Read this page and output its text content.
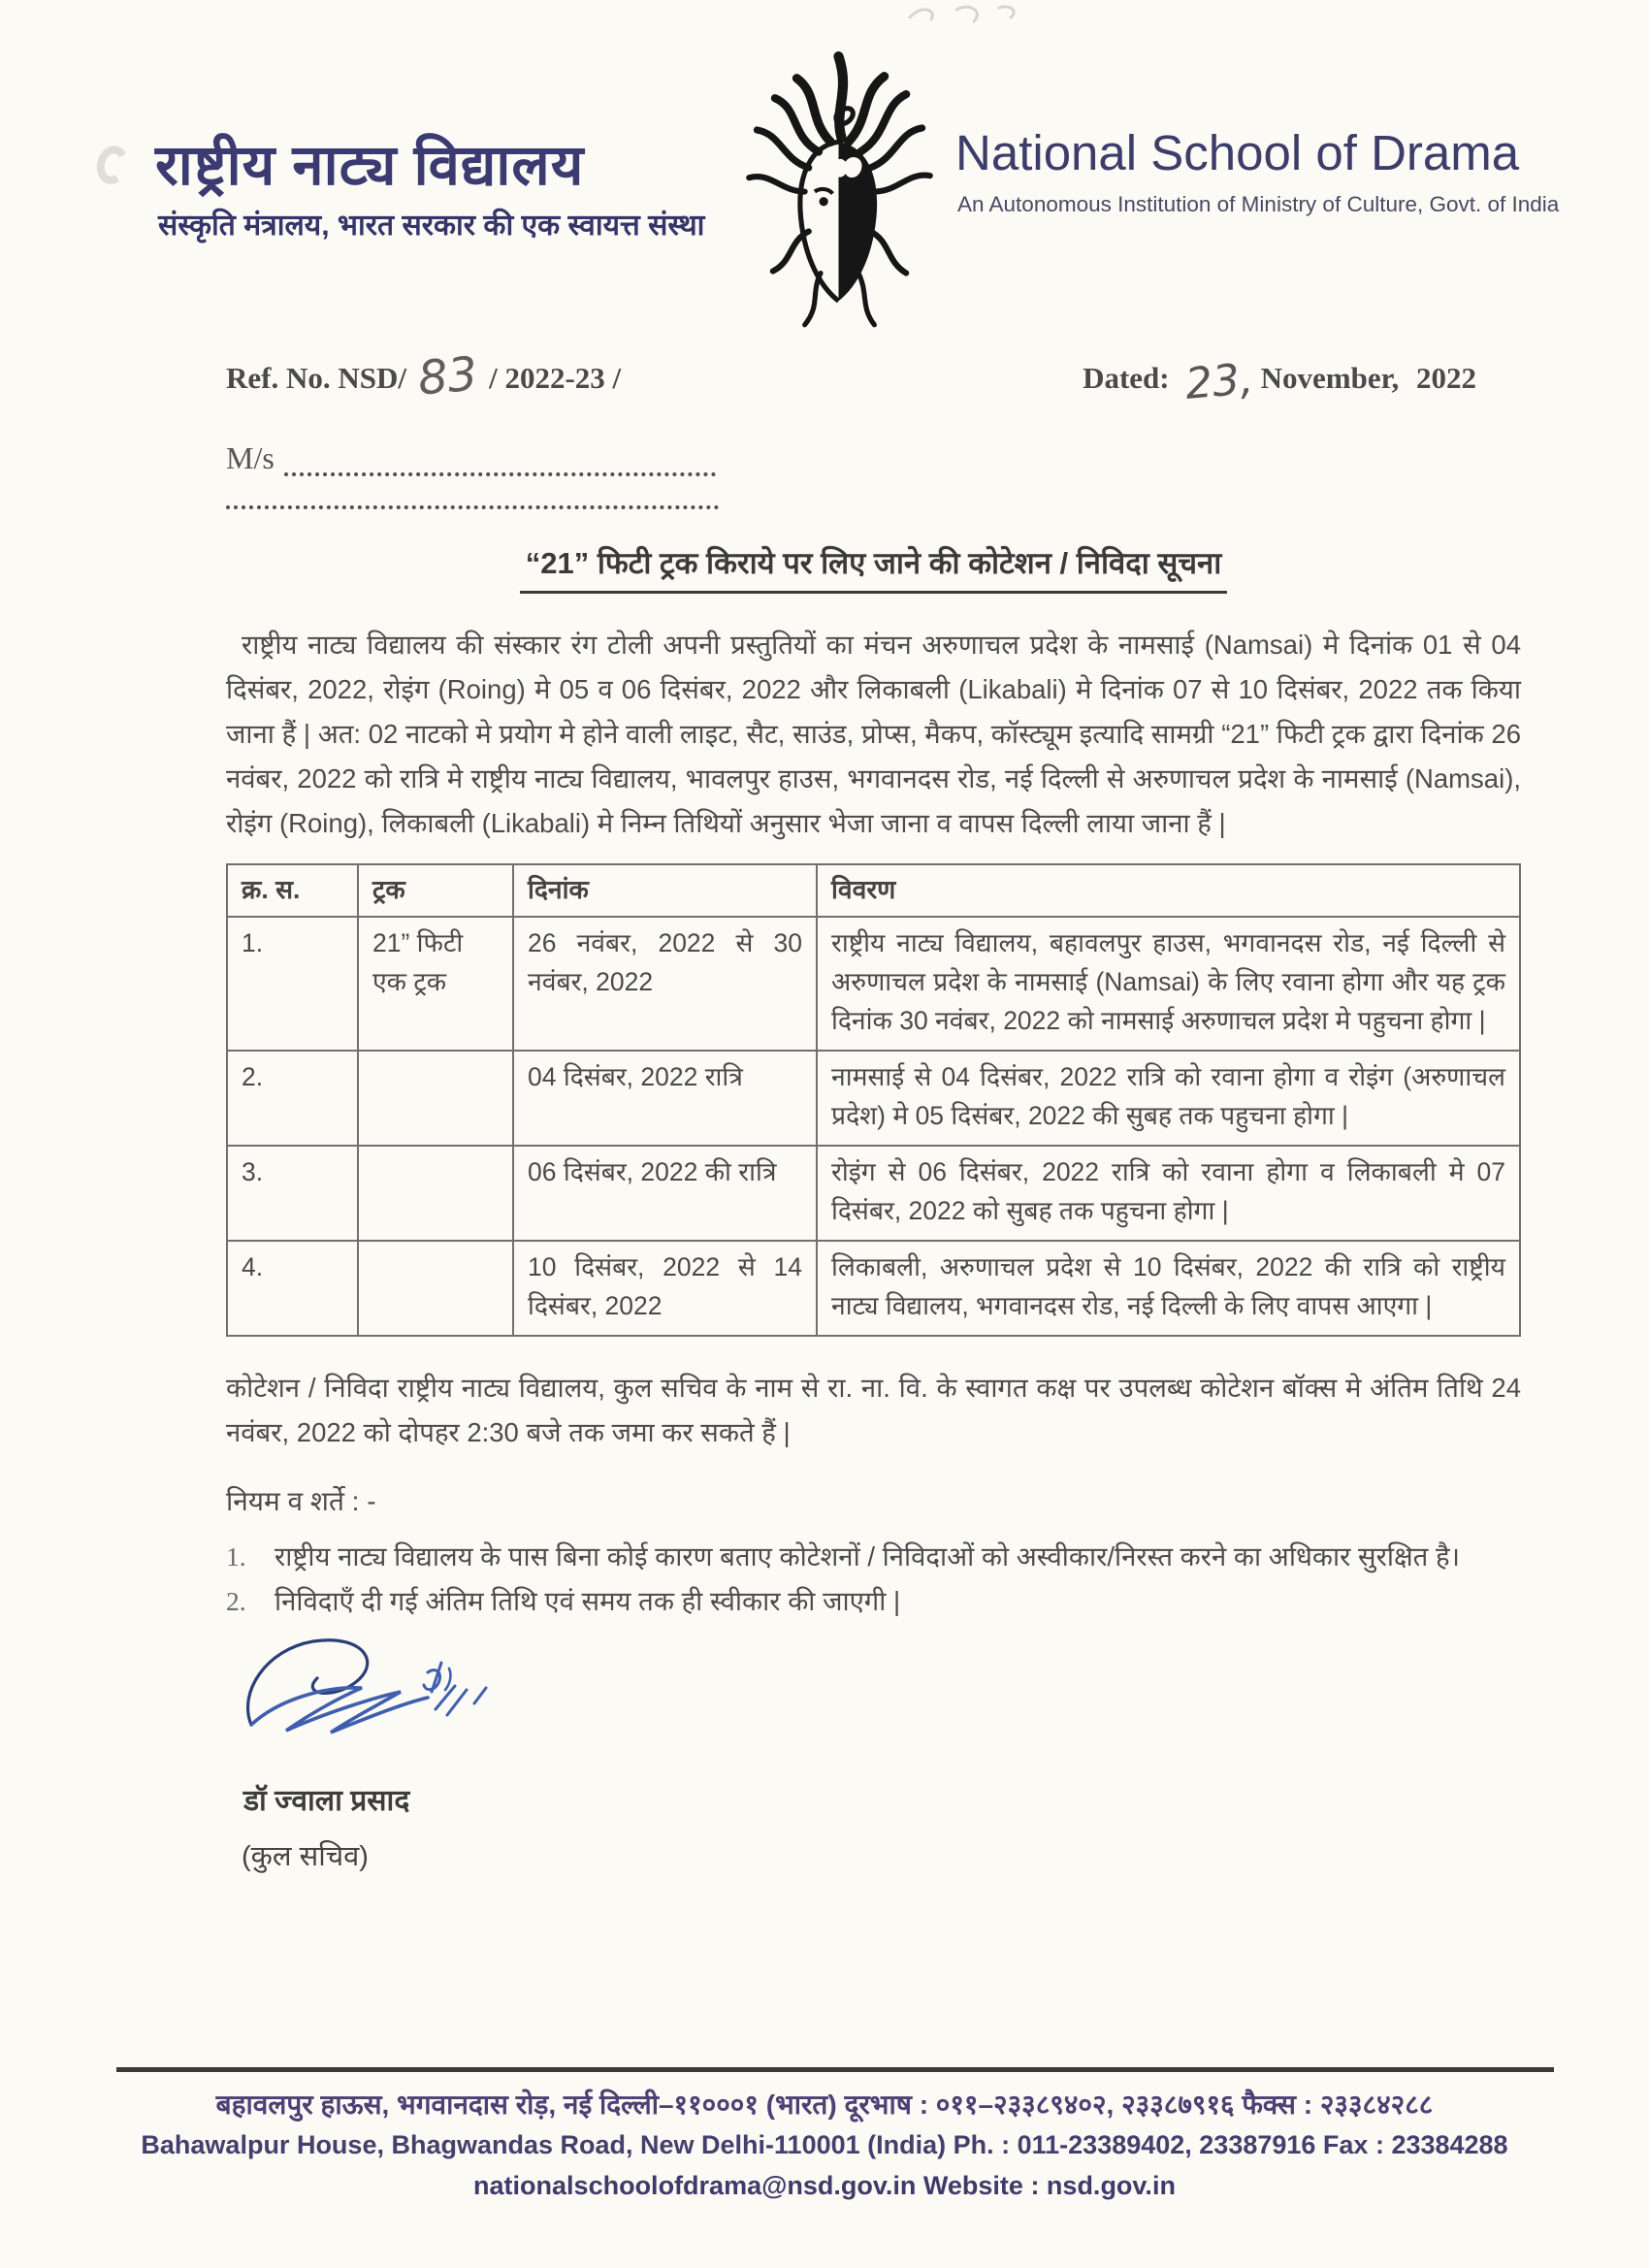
राष्ट्रीय नाट्य विद्यालय
संस्कृति मंत्रालय, भारत सरकार की एक स्वायत्त संस्था
National School of Drama
An Autonomous Institution of Ministry of Culture, Govt. of India
Ref. No. NSD/ 83 / 2022-23 /	Dated: 23, November, 2022
M/s
“21” फिटी ट्रक किराये पर लिए जाने की कोटेशन / निविदा सूचना

राष्ट्रीय नाट्य विद्यालय की संस्कार रंग टोली अपनी प्रस्तुतियों का मंचन अरुणाचल प्रदेश के नामसाई (Namsai) मे दिनांक 01 से 04 दिसंबर, 2022, रोइंग (Roing) मे 05 व 06 दिसंबर, 2022 और लिकाबली (Likabali) मे दिनांक 07 से 10 दिसंबर, 2022 तक किया जाना हैं | अत: 02 नाटको मे प्रयोग मे होने वाली लाइट, सैट, साउंड, प्रोप्स, मैकप, कॉस्ट्यूम इत्यादि सामग्री “21” फिटी ट्रक द्वारा दिनांक 26 नवंबर, 2022 को रात्रि मे राष्ट्रीय नाट्य विद्यालय, भावलपुर हाउस, भगवानदस रोड, नई दिल्ली से अरुणाचल प्रदेश के नामसाई (Namsai), रोइंग (Roing), लिकाबली (Likabali) मे निम्न तिथियों अनुसार भेजा जाना व वापस दिल्ली लाया जाना हैं |

क्र. स.	ट्रक	दिनांक	विवरण
1.	21” फिटी एक ट्रक	26 नवंबर, 2022 से 30 नवंबर, 2022	राष्ट्रीय नाट्य विद्यालय, बहावलपुर हाउस, भगवानदस रोड, नई दिल्ली से अरुणाचल प्रदेश के नामसाई (Namsai) के लिए रवाना होगा और यह ट्रक दिनांक 30 नवंबर, 2022 को नामसाई अरुणाचल प्रदेश मे पहुचना होगा |
2.		04 दिसंबर, 2022 रात्रि	नामसाई से 04 दिसंबर, 2022 रात्रि को रवाना होगा व रोइंग (अरुणाचल प्रदेश) मे 05 दिसंबर, 2022 की सुबह तक पहुचना होगा |
3.		06 दिसंबर, 2022 की रात्रि	रोइंग से 06 दिसंबर, 2022 रात्रि को रवाना होगा व लिकाबली मे 07 दिसंबर, 2022 को सुबह तक पहुचना होगा |
4.		10 दिसंबर, 2022 से 14 दिसंबर, 2022	लिकाबली, अरुणाचल प्रदेश से 10 दिसंबर, 2022 की रात्रि को राष्ट्रीय नाट्य विद्यालय, भगवानदस रोड, नई दिल्ली के लिए वापस आएगा |

कोटेशन / निविदा राष्ट्रीय नाट्य विद्यालय, कुल सचिव के नाम से रा. ना. वि. के स्वागत कक्ष पर उपलब्ध कोटेशन बॉक्स मे अंतिम तिथि 24 नवंबर, 2022 को दोपहर 2:30 बजे तक जमा कर सकते हैं |

नियम व शर्ते : -
1.	राष्ट्रीय नाट्य विद्यालय के पास बिना कोई कारण बताए कोटेशनों / निविदाओं को अस्वीकार/निरस्त करने का अधिकार सुरक्षित है।
2.	निविदाएँ दी गई अंतिम तिथि एवं समय तक ही स्वीकार की जाएगी |
डॉ ज्वाला प्रसाद
(कुल सचिव)
बहावलपुर हाऊस, भगवानदास रोड़, नई दिल्ली–११०००१ (भारत) दूरभाष : ०११–२३३८९४०२, २३३८७९१६ फैक्स : २३३८४२८८
Bahawalpur House, Bhagwandas Road, New Delhi-110001 (India) Ph. : 011-23389402, 23387916 Fax : 23384288
nationalschoolofdrama@nsd.gov.in Website : nsd.gov.in
